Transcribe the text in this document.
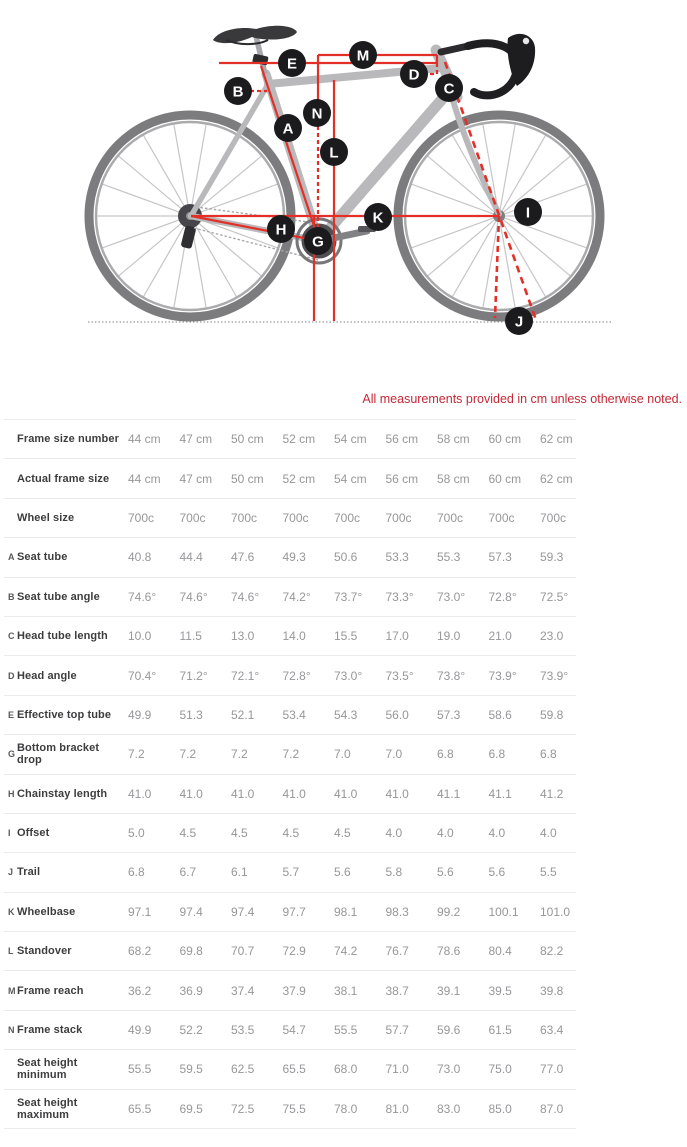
A
B	C
D
E
G
H
I
J
K
L
M
N
All measurements provided in cm unless otherwise noted.
Frame size number 44 cm	47 cm	50 cm	52 cm	54 cm	56 cm	58 cm	60 cm	62 cm
Actual frame size	44 cm	47 cm	50 cm	52 cm	54 cm	56 cm	58 cm	60 cm	62 cm
Wheel size	700c	700c	700c	700c	700c	700c	700c	700c	700c
A Seat tube	40.8	44.4	47.6	49.3	50.6	53.3	55.3	57.3	59.3
B Seat tube angle	74.6°	74.6°	74.6°	74.2°	73.7°	73.3°	73.0°	72.8°	72.5°
C Head tube length	10.0	11.5	13.0	14.0	15.5	17.0	19.0	21.0	23.0
D Head angle	70.4°	71.2°	72.1°	72.8°	73.0°	73.5°	73.8°	73.9°	73.9°
E Effective top tube	49.9	51.3	52.1	53.4	54.3	56.0	57.3	58.6	59.8
G Bottom bracket drop	7.2	7.2	7.2	7.2	7.0	7.0	6.8	6.8	6.8
H Chainstay length	41.0	41.0	41.0	41.0	41.0	41.0	41.1	41.1	41.2
I Offset	5.0	4.5	4.5	4.5	4.5	4.0	4.0	4.0	4.0
J Trail	6.8	6.7	6.1	5.7	5.6	5.8	5.6	5.6	5.5
K Wheelbase	97.1	97.4	97.4	97.7	98.1	98.3	99.2	100.1	101.0
L Standover	68.2	69.8	70.7	72.9	74.2	76.7	78.6	80.4	82.2
M Frame reach	36.2	36.9	37.4	37.9	38.1	38.7	39.1	39.5	39.8
N Frame stack	49.9	52.2	53.5	54.7	55.5	57.7	59.6	61.5	63.4
Seat height minimum	55.5	59.5	62.5	65.5	68.0	71.0	73.0	75.0	77.0
Seat height maximum	65.5	69.5	72.5	75.5	78.0	81.0	83.0	85.0	87.0
